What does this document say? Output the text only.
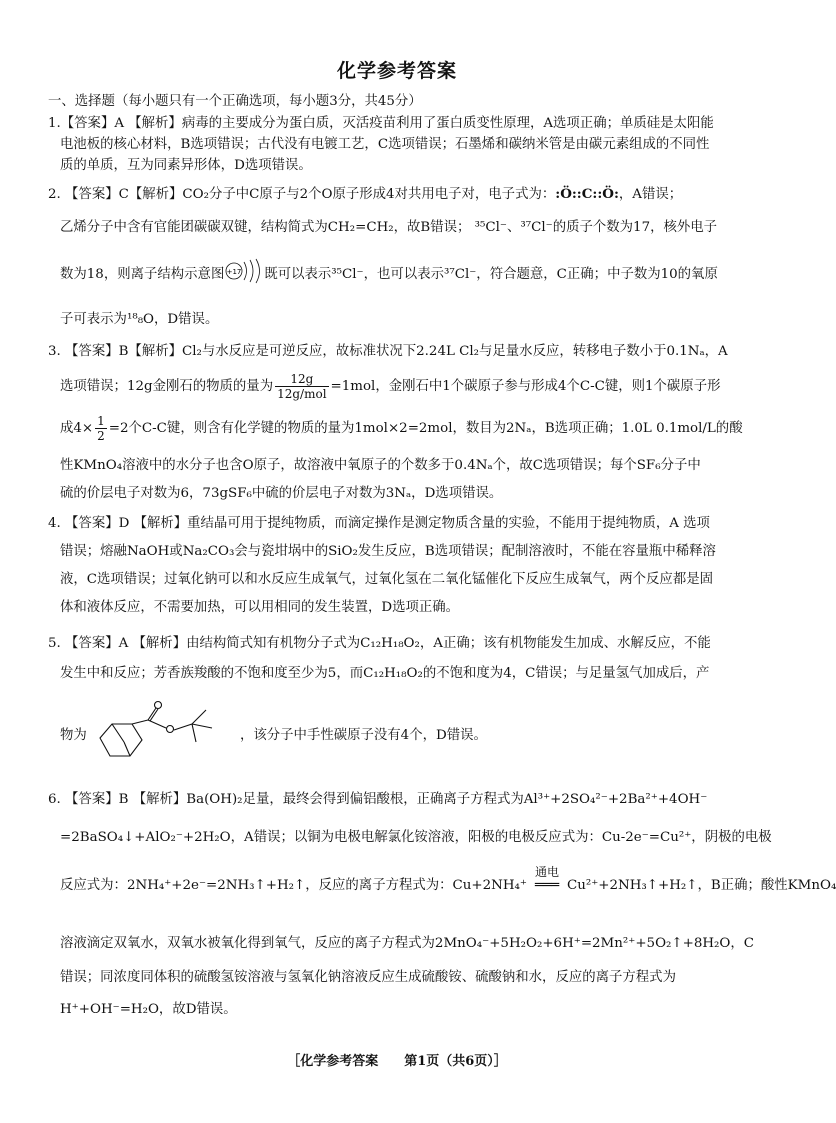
化学参考答案
一、选择题（每小题只有一个正确选项，每小题3分，共45分）
1.【答案】A 【解析】病毒的主要成分为蛋白质，灭活疫苗利用了蛋白质变性原理，A选项正确；单质硅是太阳能
电池板的核心材料，B选项错误；古代没有电镀工艺，C选项错误；石墨烯和碳纳米管是由碳元素组成的不同性
质的单质，互为同素异形体，D选项错误。
2. 【答案】C【解析】CO₂分子中C原子与2个O原子形成4对共用电子对，电子式为：:Ö::C::Ö:，A错误；
乙烯分子中含有官能团碳碳双键，结构简式为CH₂=CH₂，故B错误； ³⁵Cl⁻、³⁷Cl⁻的质子个数为17，核外电子
数为18，则离子结构示意图 +17 既可以表示³⁵Cl⁻，也可以表示³⁷Cl⁻，符合题意，C正确；中子数为10的氧原
子可表示为¹⁸₈O，D错误。
3. 【答案】B【解析】Cl₂与水反应是可逆反应，故标准状况下2.24L Cl₂与足量水反应，转移电子数小于0.1Nₐ，A
选项错误；12g金刚石的物质的量为 $\frac{12g}{\text{12g/mol}} =1mol$，金刚石中1个碳原子参与形成4个C-C键，则1个碳原子形
成$4\times \frac{1}{2} =2$个C-C键，则含有化学键的物质的量为1mol×2=2mol，数目为2Nₐ，B选项正确；1.0L 0.1mol/L的酸
性KMnO₄溶液中的水分子也含O原子，故溶液中氧原子的个数多于0.4Nₐ个，故C选项错误；每个SF₆分子中
硫的价层电子对数为6，73gSF₆中硫的价层电子对数为3Nₐ，D选项错误。
4. 【答案】D 【解析】重结晶可用于提纯物质，而滴定操作是测定物质含量的实验，不能用于提纯物质，A 选项
错误；熔融NaOH或Na₂CO₃会与瓷坩埚中的SiO₂发生反应，B选项错误；配制溶液时，不能在容量瓶中稀释溶
液，C选项错误；过氧化钠可以和水反应生成氧气，过氧化氢在二氧化锰催化下反应生成氧气，两个反应都是固
体和液体反应，不需要加热，可以用相同的发生装置，D选项正确。
5. 【答案】A 【解析】由结构简式知有机物分子式为C₁₂H₁₈O₂，A正确；该有机物能发生加成、水解反应，不能
发生中和反应；芳香族羧酸的不饱和度至少为5，而C₁₂H₁₈O₂的不饱和度为4，C错误；与足量氢气加成后，产
物为	，该分子中手性碳原子没有4个，D错误。
6. 【答案】B 【解析】Ba(OH)₂足量，最终会得到偏铝酸根，正确离子方程式为Al³⁺+2SO₄²⁻+2Ba²⁺+4OH⁻
=2BaSO₄↓+AlO₂⁻+2H₂O，A错误；以铜为电极电解氯化铵溶液，阳极的电极反应式为：Cu-2e⁻=Cu²⁺，阴极的电极
反应式为：2NH₄⁺+2e⁻=2NH₃↑+H₂↑，反应的离子方程式为：Cu+2NH₄⁺
通电
═══ Cu²⁺+2NH₃↑+H₂↑，B正确；酸性KMnO₄
溶液滴定双氧水，双氧水被氧化得到氧气，反应的离子方程式为2MnO₄⁻+5H₂O₂+6H⁺=2Mn²⁺+5O₂↑+8H₂O，C
错误；同浓度同体积的硫酸氢铵溶液与氢氧化钠溶液反应生成硫酸铵、硫酸钠和水，反应的离子方程式为
H⁺+OH⁻=H₂O，故D错误。
［化学参考答案　　第1页（共6页）］
